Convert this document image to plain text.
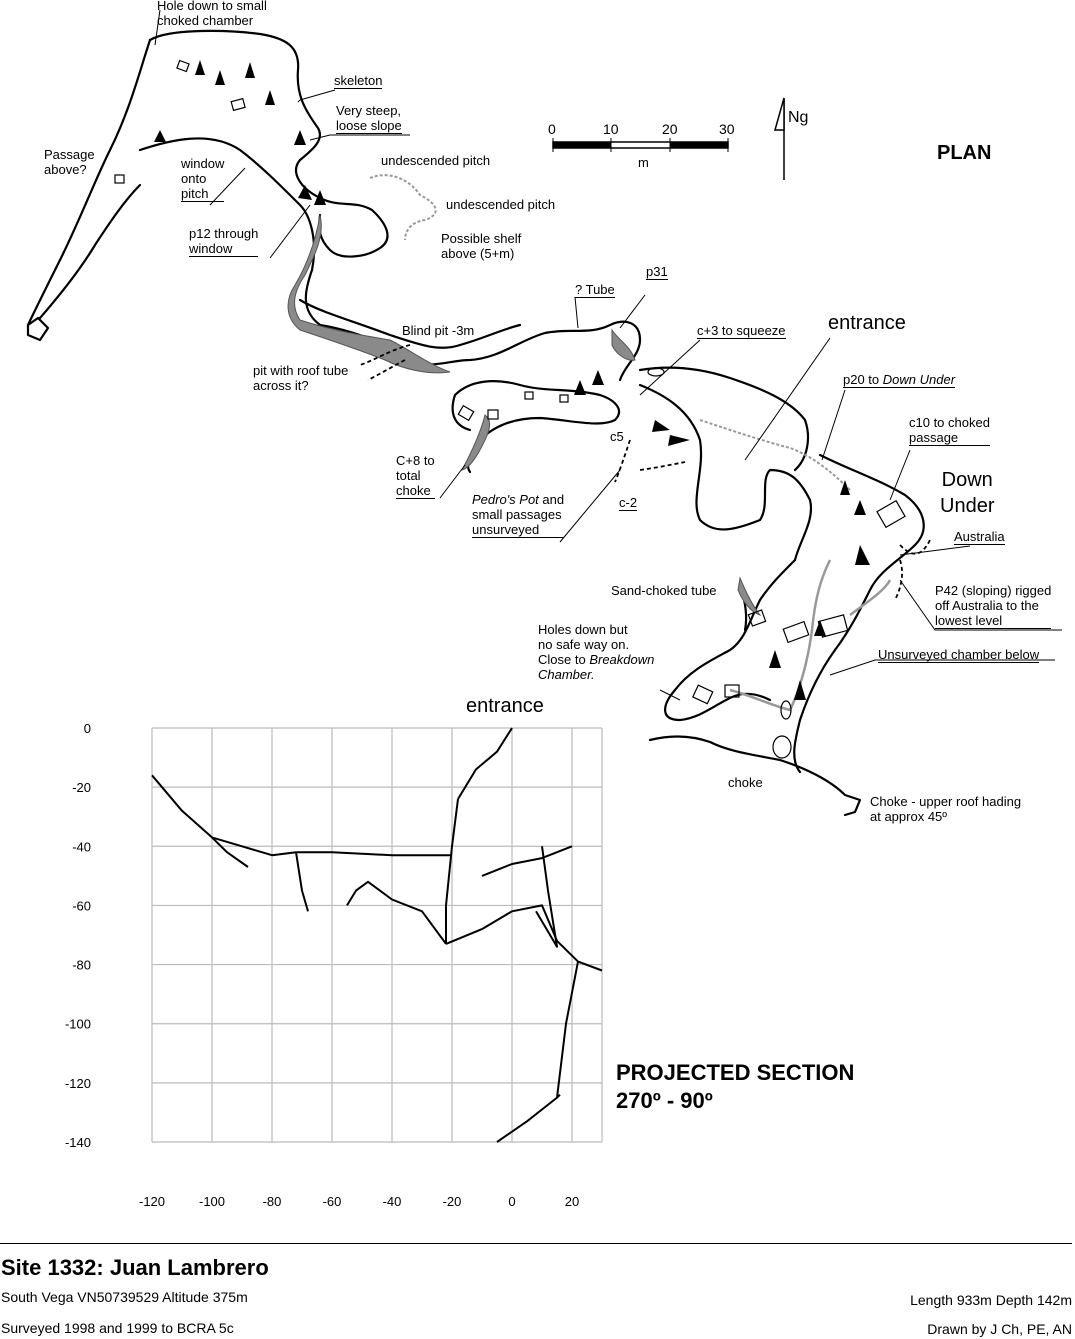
PLAN
Ng
0	10	20	30
m
entrance
Down
Under
Hole down to small
choked chamber
skeleton
Very steep,
loose slope
Passage
above?	window
onto
pitch
undescended pitch
undescended pitch
Possible shelf
above (5+m)
p12 through
window
p31
? Tube
c+3 to squeeze
Blind pit -3m
pit with roof tube
across it?	p20 to Down Under
c10 to choked
passage
c5
c-2
C+8 to
total
choke
Pedro's Pot and
small passages
unsurveyed	Australia
Sand-choked tube	P42 (sloping) rigged
off Australia to the
lowest level
Holes down but
no safe way on.
Close to Breakdown
Chamber.
Unsurveyed chamber below
choke
Choke - upper roof hading
at approx 45º
-120	-100	-80	-60	-40	-20	0	20
0
-20
-40
-60
-80
-100
-120
-140
entrance
PROJECTED SECTION
270º - 90º
Site 1332: Juan Lambrero
South Vega VN50739529 Altitude 375m
Surveyed 1998 and 1999 to BCRA 5c
Length 933m Depth 142m
Drawn by J Ch, PE, AN
